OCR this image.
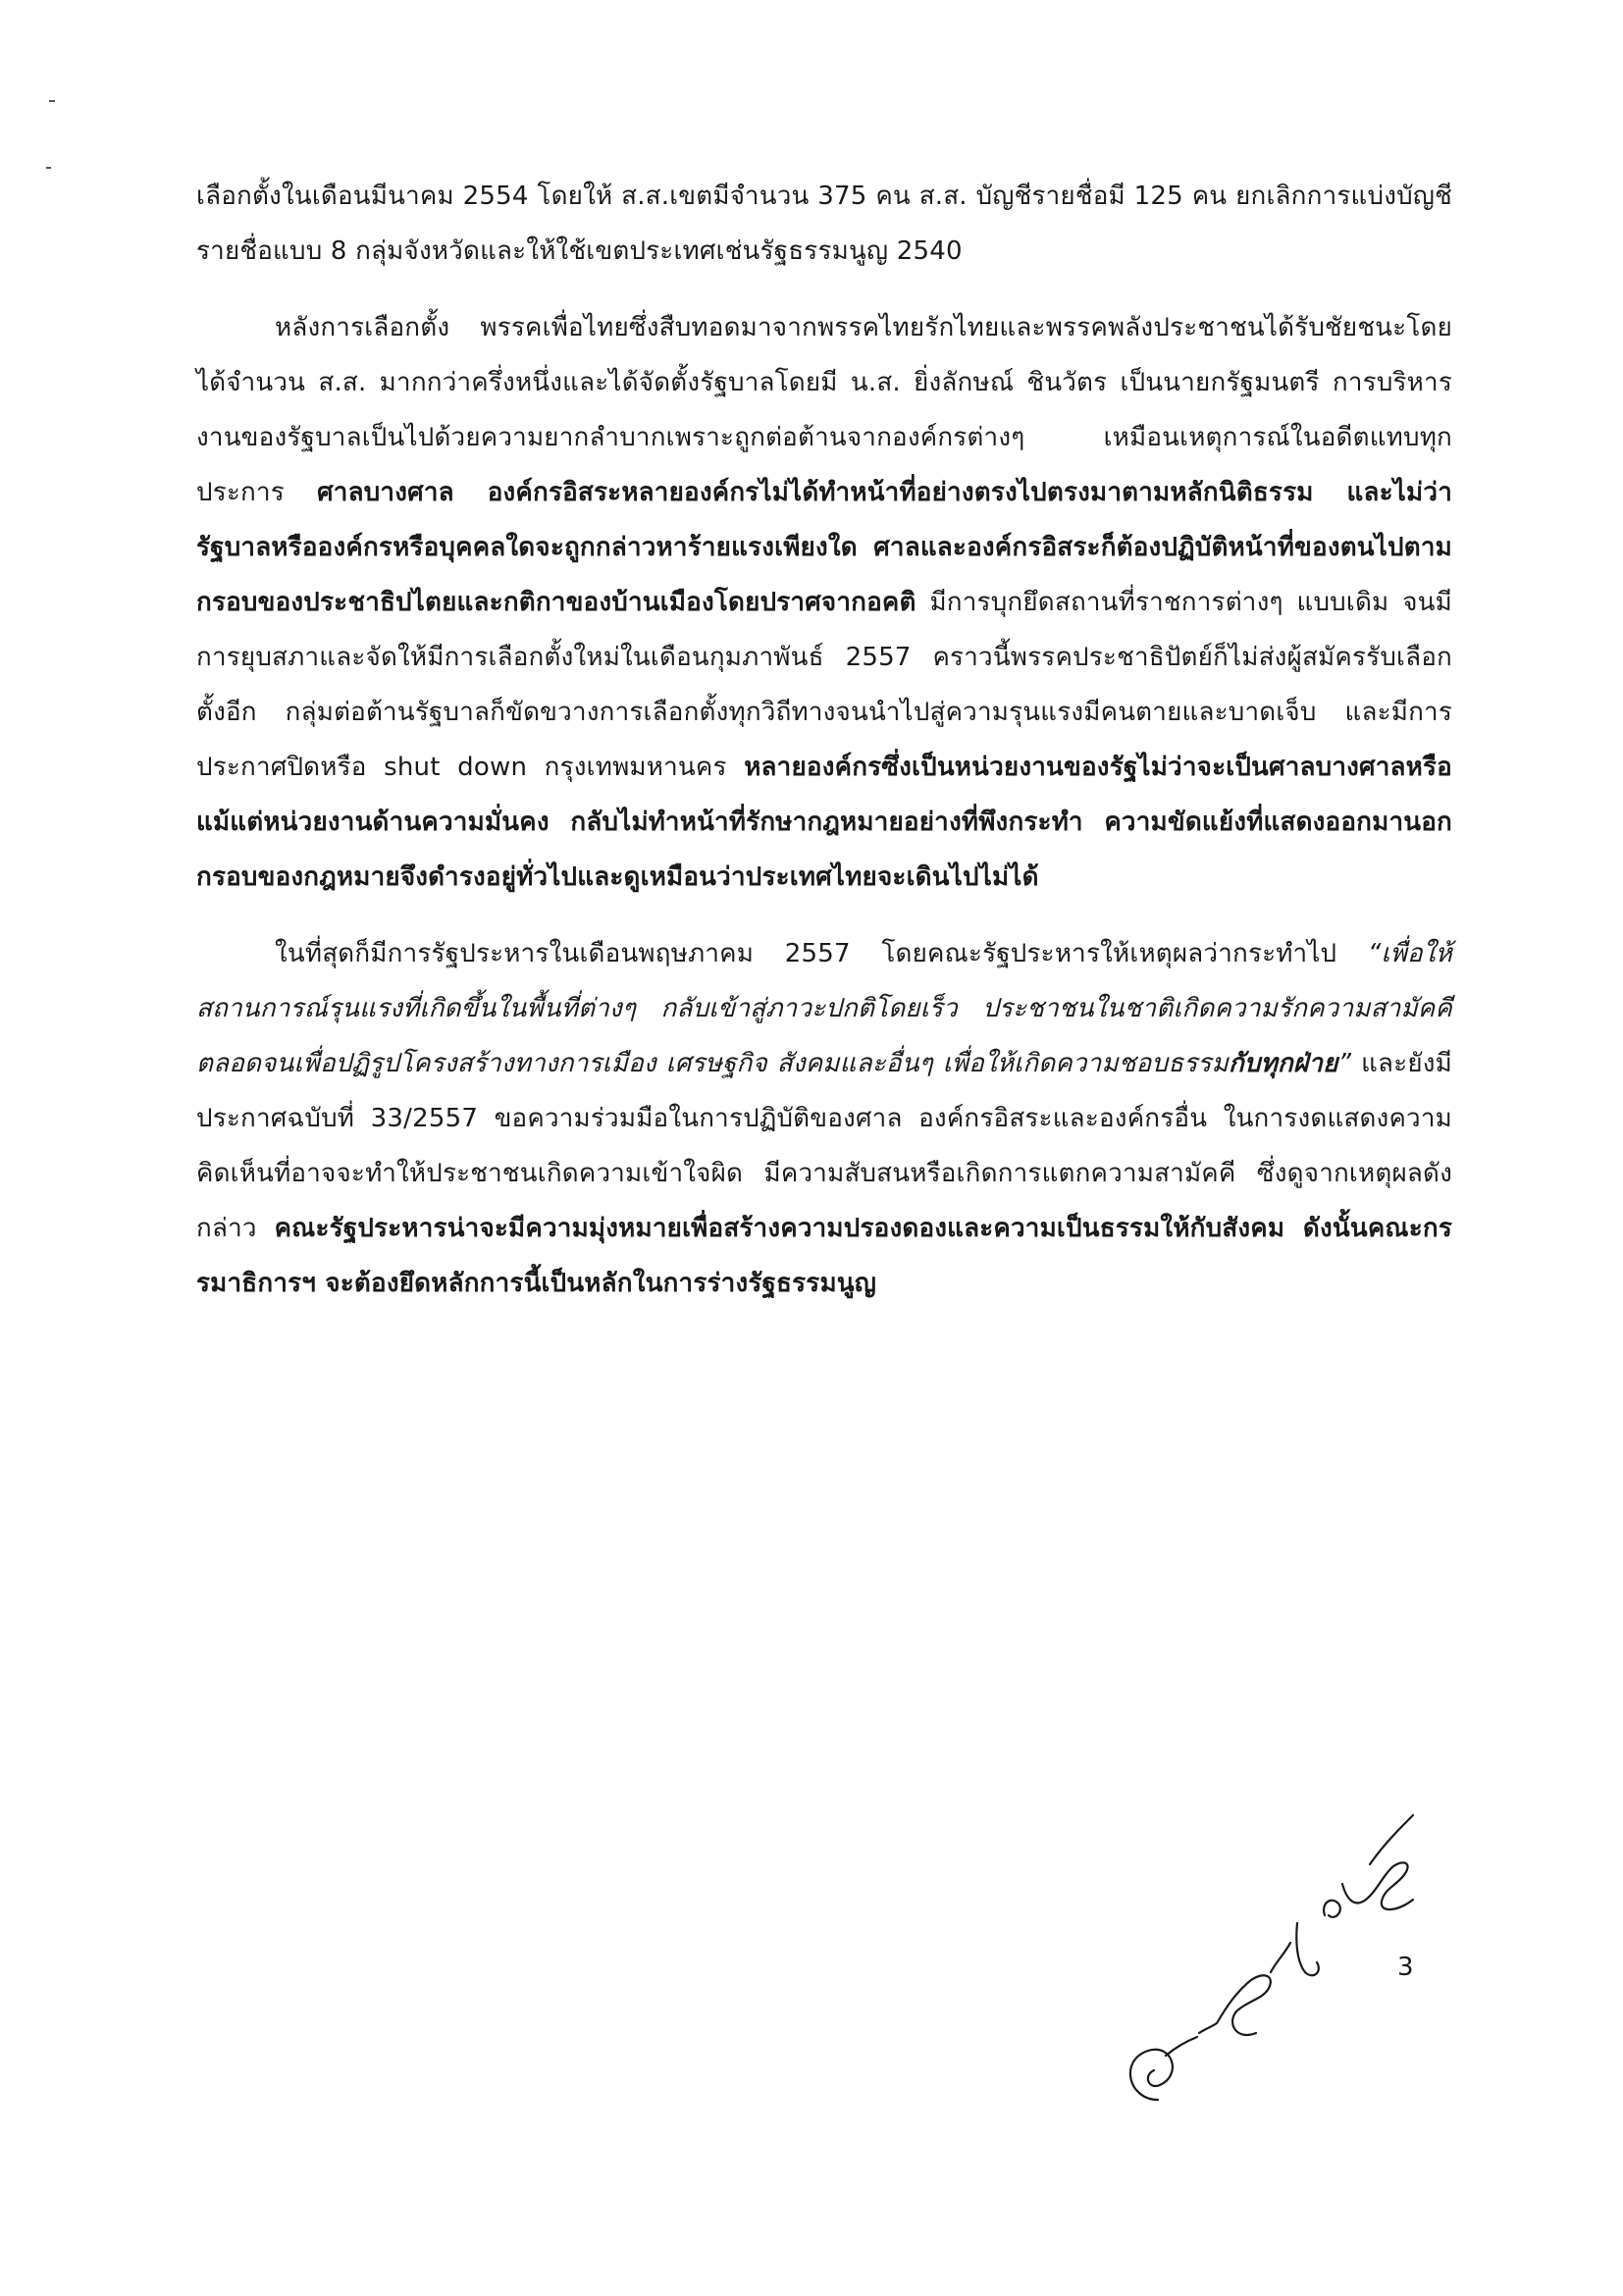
เลือกตั้งในเดือนมีนาคม 2554 โดยให้ ส.ส.เขตมีจำนวน 375 คน ส.ส. บัญชีรายชื่อมี 125 คน ยกเลิกการแบ่งบัญชีรายชื่อแบบ 8 กลุ่มจังหวัดและให้ใช้เขตประเทศเช่นรัฐธรรมนูญ 2540

หลังการเลือกตั้ง พรรคเพื่อไทยซึ่งสืบทอดมาจากพรรคไทยรักไทยและพรรคพลังประชาชนได้รับชัยชนะโดยได้จำนวน ส.ส. มากกว่าครึ่งหนึ่งและได้จัดตั้งรัฐบาลโดยมี น.ส. ยิ่งลักษณ์ ชินวัตร เป็นนายกรัฐมนตรี การบริหารงานของรัฐบาลเป็นไปด้วยความยากลำบากเพราะถูกต่อต้านจากองค์กรต่างๆ เหมือนเหตุการณ์ในอดีตแทบทุกประการ ศาลบางศาล องค์กรอิสระหลายองค์กรไม่ได้ทำหน้าที่อย่างตรงไปตรงมาตามหลักนิติธรรม และไม่ว่ารัฐบาลหรือองค์กรหรือบุคคลใดจะถูกกล่าวหาร้ายแรงเพียงใด ศาลและองค์กรอิสระก็ต้องปฏิบัติหน้าที่ของตนไปตามกรอบของประชาธิปไตยและกติกาของบ้านเมืองโดยปราศจากอคติ มีการบุกยึดสถานที่ราชการต่างๆ แบบเดิม จนมีการยุบสภาและจัดให้มีการเลือกตั้งใหม่ในเดือนกุมภาพันธ์ 2557 คราวนี้พรรคประชาธิปัตย์ก็ไม่ส่งผู้สมัครรับเลือกตั้งอีก กลุ่มต่อต้านรัฐบาลก็ขัดขวางการเลือกตั้งทุกวิถีทางจนนำไปสู่ความรุนแรงมีคนตายและบาดเจ็บ และมีการประกาศปิดหรือ shut down กรุงเทพมหานคร หลายองค์กรซึ่งเป็นหน่วยงานของรัฐไม่ว่าจะเป็นศาลบางศาลหรือแม้แต่หน่วยงานด้านความมั่นคง กลับไม่ทำหน้าที่รักษากฎหมายอย่างที่พึงกระทำ ความขัดแย้งที่แสดงออกมานอกกรอบของกฎหมายจึงดำรงอยู่ทั่วไปและดูเหมือนว่าประเทศไทยจะเดินไปไม่ได้

ในที่สุดก็มีการรัฐประหารในเดือนพฤษภาคม 2557 โดยคณะรัฐประหารให้เหตุผลว่ากระทำไป “เพื่อให้สถานการณ์รุนแรงที่เกิดขึ้นในพื้นที่ต่างๆ กลับเข้าสู่ภาวะปกติโดยเร็ว ประชาชนในชาติเกิดความรักความสามัคคี ตลอดจนเพื่อปฏิรูปโครงสร้างทางการเมือง เศรษฐกิจ สังคมและอื่นๆ เพื่อให้เกิดความชอบธรรมกับทุกฝ่าย” และยังมีประกาศฉบับที่ 33/2557 ขอความร่วมมือในการปฏิบัติของศาล องค์กรอิสระและองค์กรอื่น ในการงดแสดงความคิดเห็นที่อาจจะทำให้ประชาชนเกิดความเข้าใจผิด มีความสับสนหรือเกิดการแตกความสามัคคี ซึ่งดูจากเหตุผลดังกล่าว คณะรัฐประหารน่าจะมีความมุ่งหมายเพื่อสร้างความปรองดองและความเป็นธรรมให้กับสังคม ดังนั้นคณะกรรมาธิการฯ จะต้องยึดหลักการนี้เป็นหลักในการร่างรัฐธรรมนูญ

3
